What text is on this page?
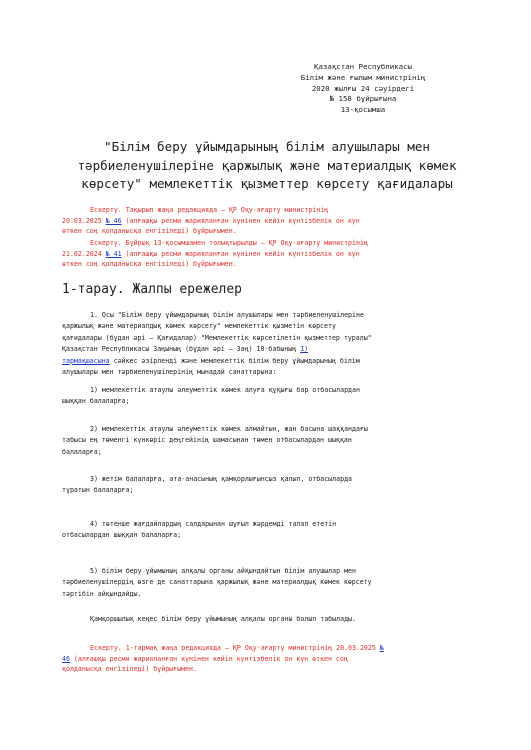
Қазақстан Республикасы
Білім және ғылым министрінің
2020 жылғы 24 сәуірдегі
№ 158 бұйрығына
13-қосымша
"Білім беру ұйымдарының білім алушылары мен
тәрбиеленушілеріне қаржылық және материалдық көмек
көрсету" мемлекеттік қызметтер көрсету қағидалары
Ескерту. Тақырып жаңа редакцияда – ҚР Оқу-ағарту министрінің
20.03.2025 № 46 (алғашқы ресми жарияланған күнінен кейін күнтізбелік он күн
өткен соң қолданысқа енгізіледі) бұйрығымен.
Ескерту. Бұйрық 13-қосымшамен толықтырылды – ҚР Оқу-ағарту министрінің
21.02.2024 № 41 (алғашқы ресми жарияланған күнінен кейін күнтізбелік он күн
өткен соң қолданысқа енгізіледі) бұйрығымен.
1-тарау. Жалпы ережелер
1. Осы "Білім беру ұйымдарының білім алушылары мен тәрбиеленушілеріне
қаржылық және материалдық көмек көрсету" мемлекеттік қызметін көрсету
қағидалары (бұдан әрі – Қағидалар) "Мемлекеттік көрсетілетін қызметтер туралы"
Қазақстан Республикасы Заңының (бұдан әрі – Заң) 10-бабының 1)
тармақшасына сәйкес әзірленді және мемлекеттік білім беру ұйымдарының білім
алушылары мен тәрбиеленушілерінің мынадай санаттарына:
1) мемлекеттік атаулы әлеуметтік көмек алуға құқығы бар отбасылардан
шыққан балаларға;
2) мемлекеттік атаулы әлеуметтік көмек алмайтын, жан басына шаққандағы
табысы ең төменгі күнкөріс деңгейінің шамасынан төмен отбасылардан шыққан
балаларға;
3) жетім балаларға, ата-анасының қамқорлығынсыз қалып, отбасыларда
тұратын балаларға;
4) төтенше жағдайлардың салдарынан шұғыл жәрдемді талап ететін
отбасылардан шыққан балаларға;
5) білім беру ұйымының алқалы органы айқындайтын білім алушылар мен
тәрбиеленушілердің өзге де санаттарына қаржылық және материалдық көмек көрсету
тәртібін айқындайды.
Қамқоршылық кеңес білім беру ұйымының алқалы органы болып табылады.
Ескерту. 1-тармақ жаңа редакцияда – ҚР Оқу-ағарту министрінің 20.03.2025 №
46 (алғашқы ресми жарияланған күнінен кейін күнтізбелік он күн өткен соң
қолданысқа енгізіледі) бұйрығымен.
